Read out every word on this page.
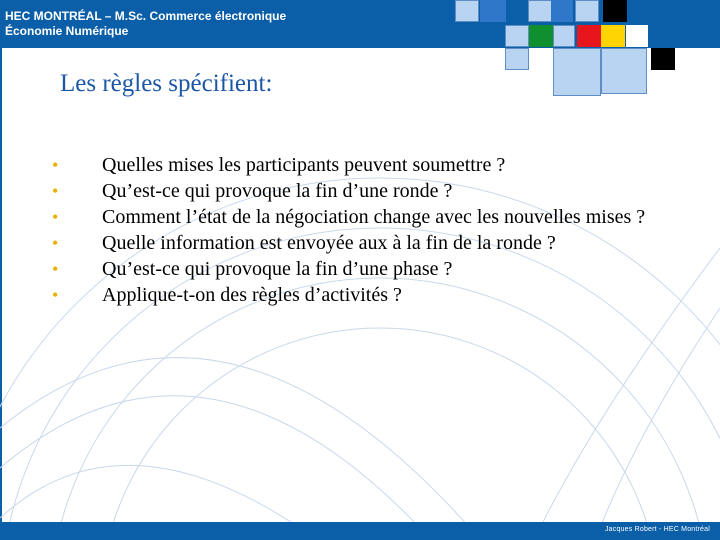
HEC MONTRÉAL – M.Sc. Commerce électronique
Économie Numérique
Les règles spécifient:
• Quelles mises les participants peuvent soumettre ?
• Qu’est-ce qui provoque la fin d’une ronde ?
• Comment l’état de la négociation change avec les nouvelles mises ?
• Quelle information est envoyée aux à la fin de la ronde ?
• Qu’est-ce qui provoque la fin d’une phase ?
• Applique-t-on des règles d’activités ?
Jacques Robert - HEC Montréal
